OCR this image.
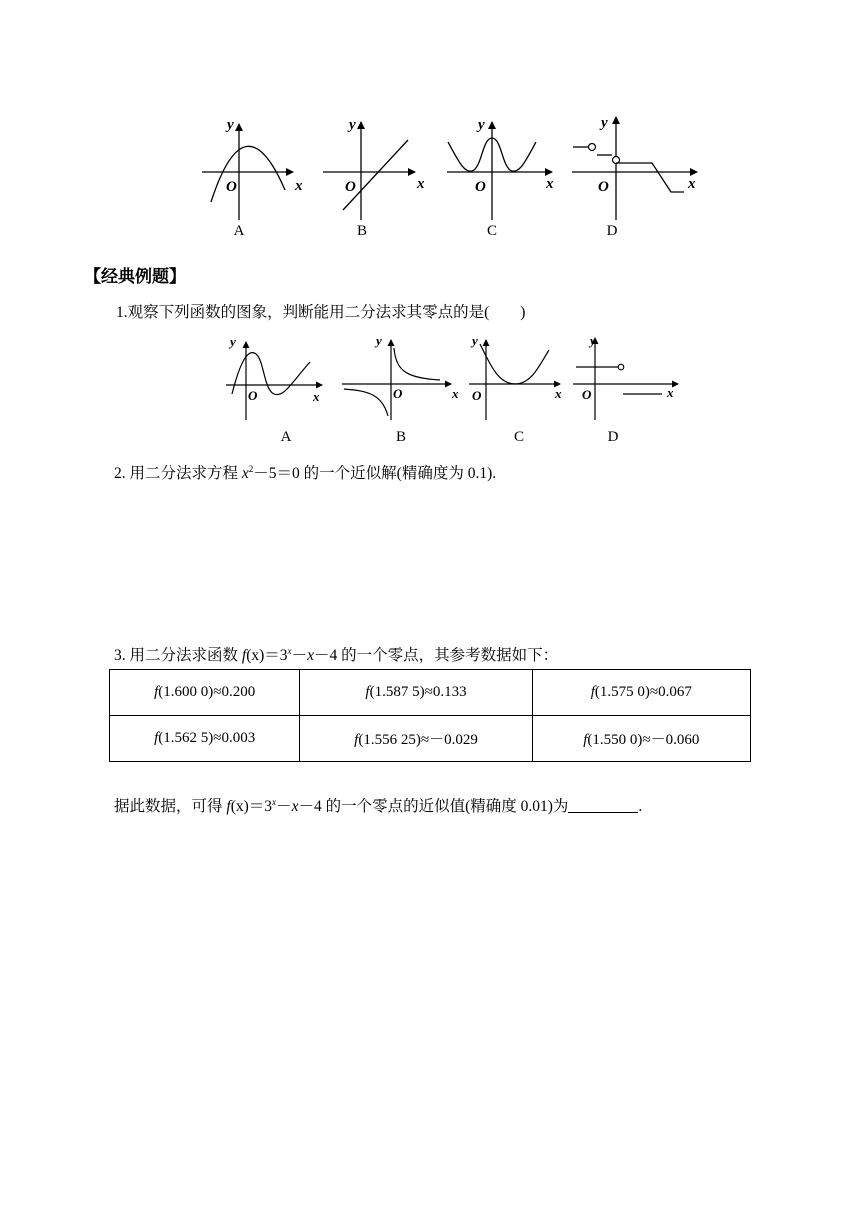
y
x
O
y
x
O
y
x
O
y
x
O
A	B	C	D
【经典例题】
1.观察下列函数的图象，判断能用二分法求其零点的是(　　)
y
x
O
y
x
O
y
x
O
y
x
O
A	B	C	D
2. 用二分法求方程 $x^2-5=0$ 的一个近似解(精确度为 0.1).
3. 用二分法求函数 $f(x)=3^x-x-4$ 的一个零点，其参考数据如下：
f(1.600 0)≈0.200	f(1.587 5)≈0.133	f(1.575 0)≈0.067
f(1.562 5)≈0.003	f(1.556 25)≈－0.029	f(1.550 0)≈－0.060
据此数据，可得 $f(x)=3^x-x-4$ 的一个零点的近似值(精确度 0.01)为	.
